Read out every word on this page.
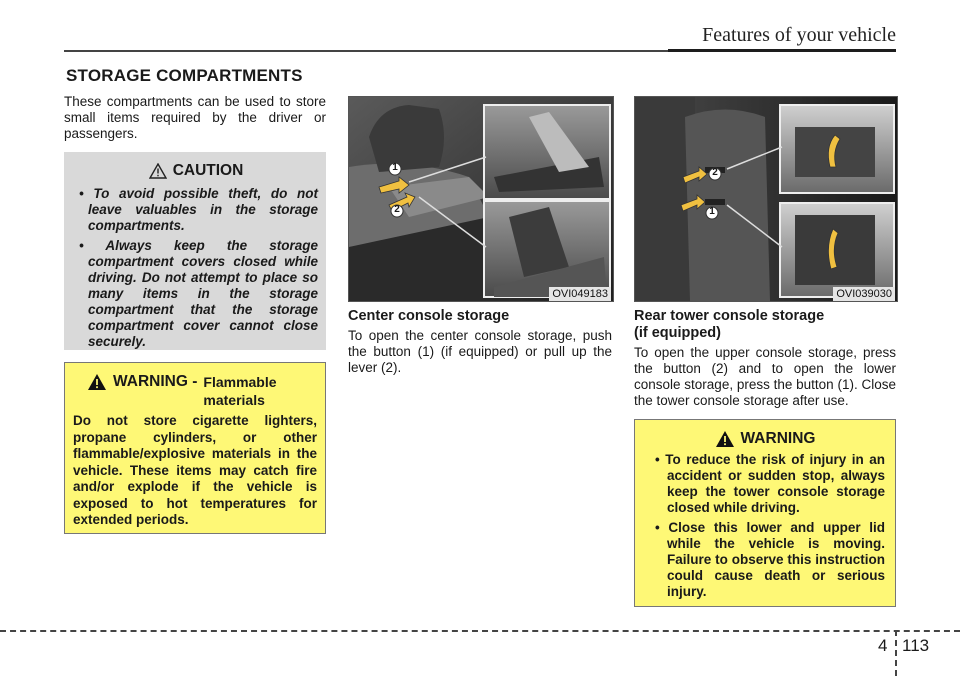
Features of your vehicle
STORAGE COMPARTMENTS
These compartments can be used to store small items required by the driver or passengers.
CAUTION
• To avoid possible theft, do not leave valuables in the storage compartments.
• Always keep the storage compartment covers closed while driving. Do not attempt to place so many items in the storage compartment that the storage compartment cover cannot close securely.
WARNING - Flammable materials

Do not store cigarette lighters, propane cylinders, or other flammable/explosive materials in the vehicle. These items may catch fire and/or explode if the vehicle is exposed to hot temperatures for extended periods.

1
2
OVI049183
2
1
OVI039030
Center console storage
To open the center console storage, push the button (1) (if equipped) or pull up the lever (2).
Rear tower console storage (if equipped)
To open the upper console storage, press the button (2) and to open the lower console storage, press the button (1). Close the tower console storage after use.
WARNING
• To reduce the risk of injury in an accident or sudden stop, always keep the tower console storage closed while driving.
• Close this lower and upper lid while the vehicle is moving. Failure to observe this instruction could cause death or serious injury.
4 113
